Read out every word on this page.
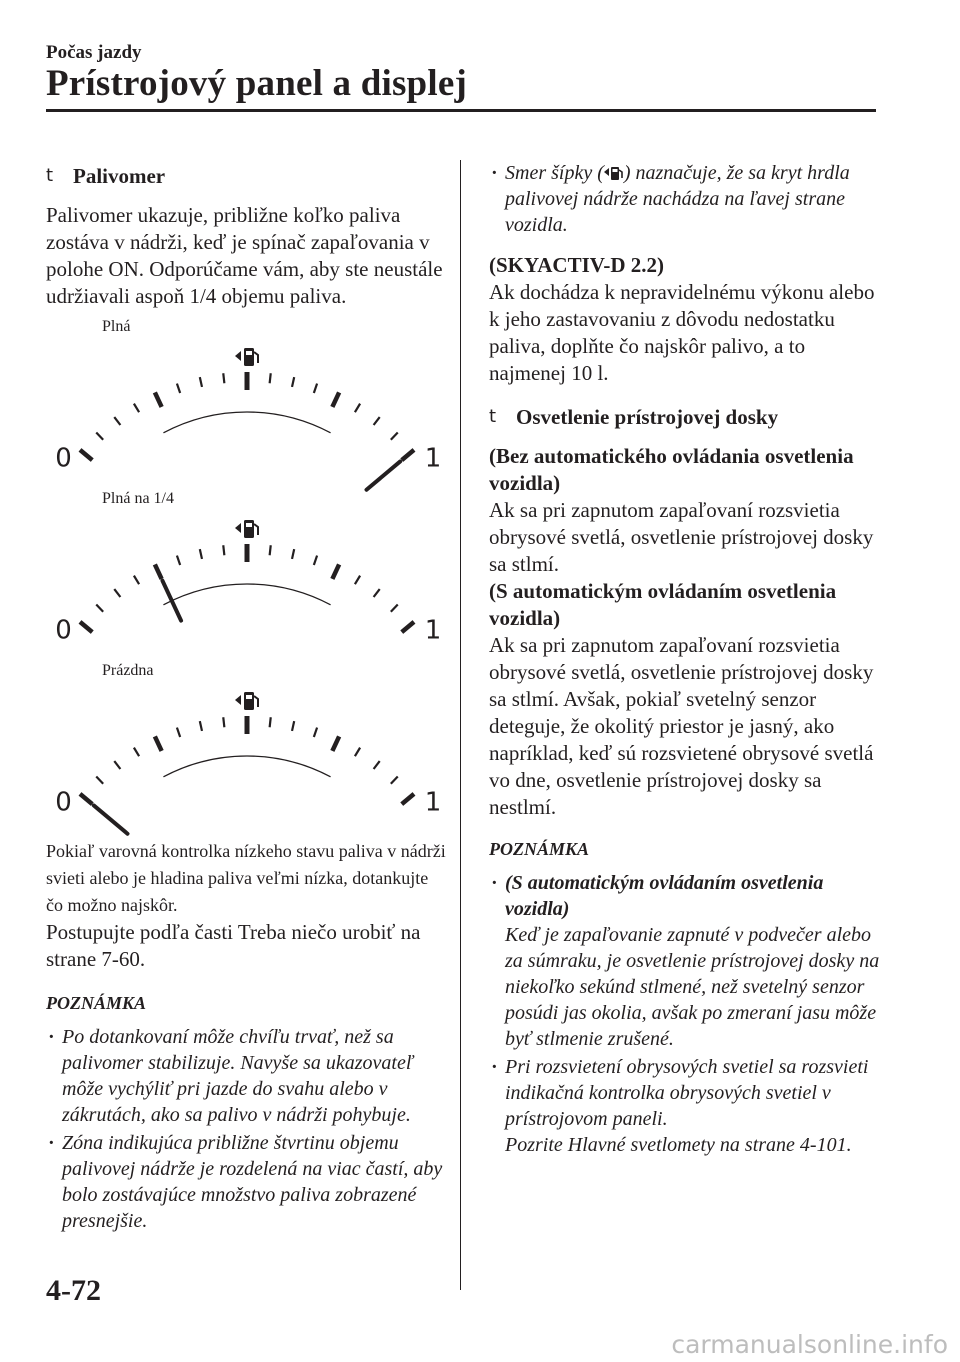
Počas jazdy
Prístrojový panel a displej
t Palivomer

Palivomer ukazuje, približne koľko paliva zostáva v nádrži, keď je spínač zapaľovania v polohe ON. Odporúčame vám, aby ste neustále udržiavali aspoň 1/4 objemu paliva.

Plná
0	1
Plná na 1/4
0	1
Prázdna
0	1

Pokiaľ varovná kontrolka nízkeho stavu paliva v nádrži svieti alebo je hladina paliva veľmi nízka, dotankujte čo možno najskôr.

Postupujte podľa časti Treba niečo urobiť na strane 7-60.

POZNÁMKA
· Po dotankovaní môže chvíľu trvať, než sa palivomer stabilizuje. Navyše sa ukazovateľ môže vychýliť pri jazde do svahu alebo v zákrutách, ako sa palivo v nádrži pohybuje.
· Zóna indikujúca približne štvrtinu objemu palivovej nádrže je rozdelená na viac častí, aby bolo zostávajúce množstvo paliva zobrazené presnejšie.
· Smer šípky ( ) naznačuje, že sa kryt hrdla palivovej nádrže nachádza na ľavej strane vozidla.
(SKYACTIV-D 2.2)

Ak dochádza k nepravidelnému výkonu alebo k jeho zastavovaniu z dôvodu nedostatku paliva, doplňte čo najskôr palivo, a to najmenej 10 l.

t Osvetlenie prístrojovej dosky
(Bez automatického ovládania osvetlenia vozidla)

Ak sa pri zapnutom zapaľovaní rozsvietia obrysové svetlá, osvetlenie prístrojovej dosky sa stlmí.

(S automatickým ovládaním osvetlenia vozidla)

Ak sa pri zapnutom zapaľovaní rozsvietia obrysové svetlá, osvetlenie prístrojovej dosky sa stlmí. Avšak, pokiaľ svetelný senzor deteguje, že okolitý priestor je jasný, ako napríklad, keď sú rozsvietené obrysové svetlá vo dne, osvetlenie prístrojovej dosky sa nestlmí.

POZNÁMKA
· (S automatickým ovládaním osvetlenia vozidla)
Keď je zapaľovanie zapnuté v podvečer alebo za súmraku, je osvetlenie prístrojovej dosky na niekoľko sekúnd stlmené, než svetelný senzor posúdi jas okolia, avšak po zmeraní jasu môže byť stlmenie zrušené.
· Pri rozsvietení obrysových svetiel sa rozsvieti indikačná kontrolka obrysových svetiel v prístrojovom paneli.
Pozrite Hlavné svetlomety na strane 4-101.
4-72
carmanualsonline.info
